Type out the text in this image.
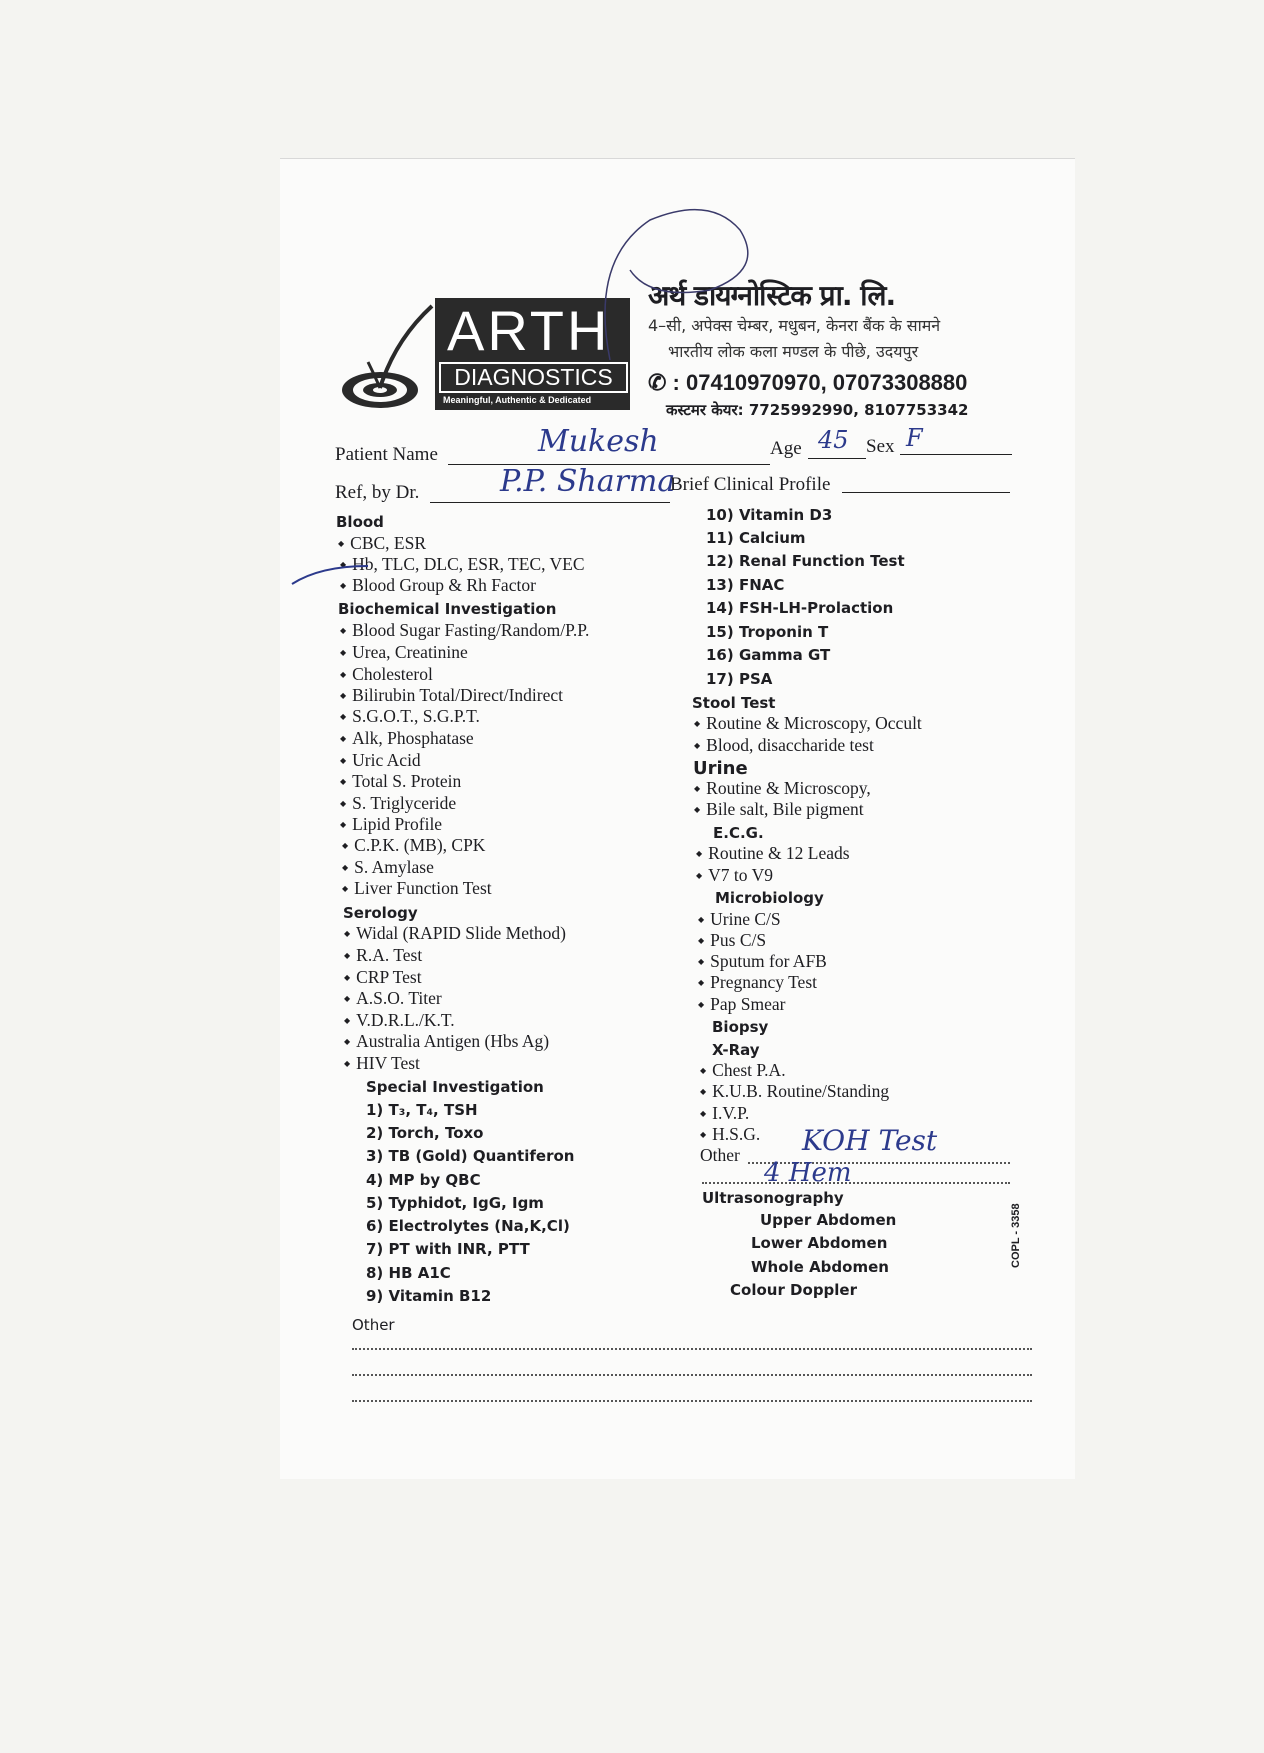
ARTH
DIAGNOSTICS
Meaningful, Authentic & Dedicated
अर्थ डायग्नोस्टिक प्रा. लि.
4–सी, अपेक्स चेम्बर, मधुबन, केनरा बैंक के सामने
भारतीय लोक कला मण्डल के पीछे, उदयपुर
✆ : 07410970970, 07073308880
कस्टमर केयर: 7725992990, 8107753342
Patient Name	Mukesh	Age 45 Sex F
Ref, by Dr.	P.P. Sharma
Brief Clinical Profile
Blood
◆ CBC, ESR
◆ Hb, TLC, DLC, ESR, TEC, VEC
◆ Blood Group & Rh Factor
Biochemical Investigation
◆ Blood Sugar Fasting/Random/P.P.
◆ Urea, Creatinine
◆ Cholesterol
◆ Bilirubin Total/Direct/Indirect
◆ S.G.O.T., S.G.P.T.
◆ Alk, Phosphatase
◆ Uric Acid
◆ Total S. Protein
◆ S. Triglyceride
◆ Lipid Profile
◆ C.P.K. (MB), CPK
◆ S. Amylase
◆ Liver Function Test
Serology
◆ Widal (RAPID Slide Method)
◆ R.A. Test
◆ CRP Test
◆ A.S.O. Titer
◆ V.D.R.L./K.T.
◆ Australia Antigen (Hbs Ag)
◆ HIV Test
Special Investigation
1) T₃, T₄, TSH
2) Torch, Toxo
3) TB (Gold) Quantiferon
4) MP by QBC
5) Typhidot, IgG, Igm
6) Electrolytes (Na,K,Cl)
7) PT with INR, PTT
8) HB A1C
9) Vitamin B12
Other
10) Vitamin D3
11) Calcium
12) Renal Function Test
13) FNAC
14) FSH-LH-Prolaction
15) Troponin T
16) Gamma GT
17) PSA
Stool Test
◆ Routine & Microscopy, Occult
◆ Blood, disaccharide test
Urine
◆ Routine & Microscopy,
◆ Bile salt, Bile pigment
E.C.G.
◆ Routine & 12 Leads
◆ V7 to V9
Microbiology
◆ Urine C/S
◆ Pus C/S
◆ Sputum for AFB
◆ Pregnancy Test
◆ Pap Smear
Biopsy
X-Ray
◆ Chest P.A.
◆ K.U.B. Routine/Standing
◆ I.V.P.
◆ H.S.G.
Other KOH Test
4 Hem
Ultrasonography
Upper Abdomen
Lower Abdomen
Whole Abdomen
Colour Doppler
COPL - 3358
